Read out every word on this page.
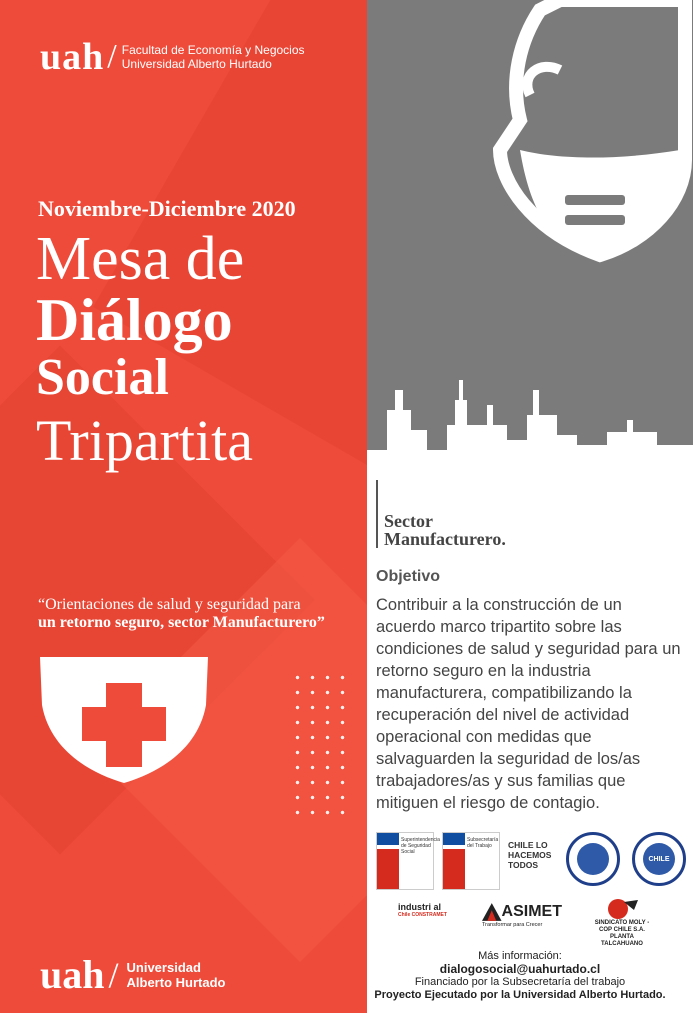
uah / Facultad de Economía y Negocios
Universidad Alberto Hurtado
Noviembre-Diciembre 2020
Mesa de
Diálogo
Social
Tripartita
“Orientaciones de salud y seguridad para
un retorno seguro, sector Manufacturero”
uah / Universidad
Alberto Hurtado
Sector
Manufacturero.
Objetivo
Contribuir a la construcción de un acuerdo marco tripartito sobre las condiciones de salud y seguridad para un retorno seguro en la industria manufacturera, compatibilizando la recuperación del nivel de actividad operacional con medidas que salvaguarden la seguridad de los/as trabajadores/as y sus familias que mitiguen el riesgo de contagio.
Superintendencia de Seguridad Social
Subsecretaría del Trabajo	CHILE LO HACEMOS TODOS
CHILE
industri al
Chile CONSTRAMET	ASIMET
Transformar para Crecer	SINDICATO MOLY - COP CHILE S.A. PLANTA TALCAHUANO
Más información:
dialogosocial@uahurtado.cl
Financiado por la Subsecretaría del trabajo
Proyecto Ejecutado por la Universidad Alberto Hurtado.
